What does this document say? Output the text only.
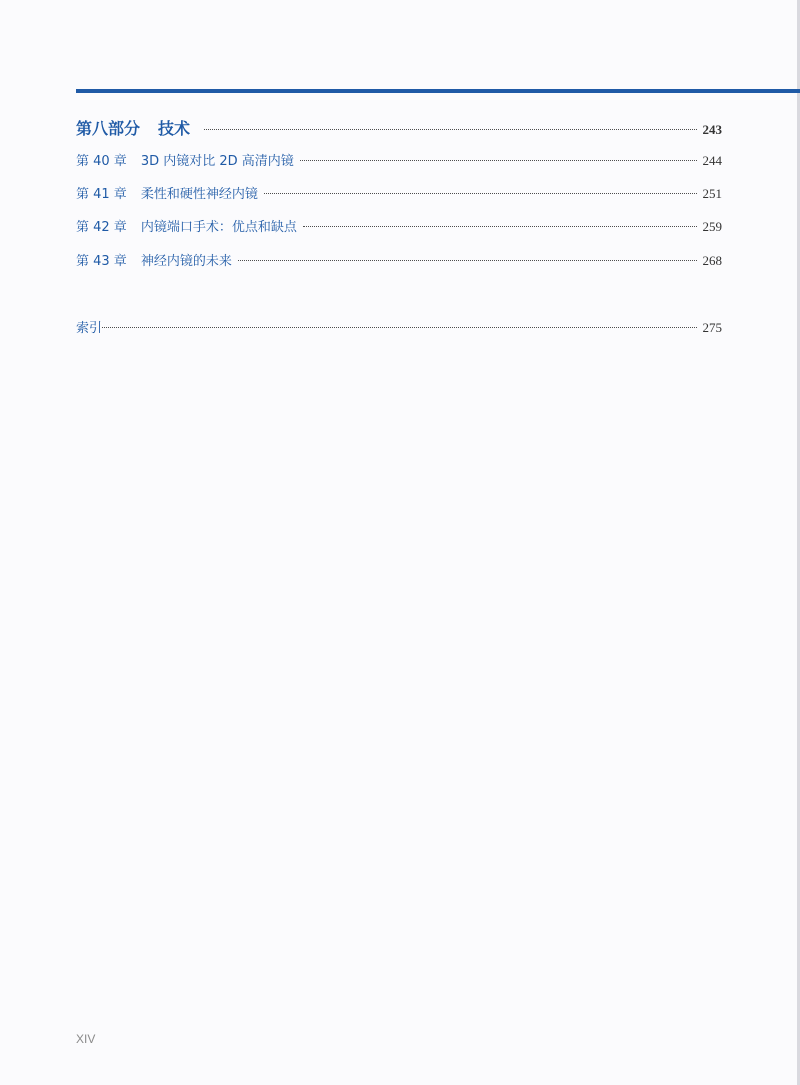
第八部分 技术	243
第 40 章 3D 内镜对比 2D 高清内镜	244
第 41 章 柔性和硬性神经内镜	251
第 42 章 内镜端口手术：优点和缺点	259
第 43 章 神经内镜的未来	268
索引	275
XIV
